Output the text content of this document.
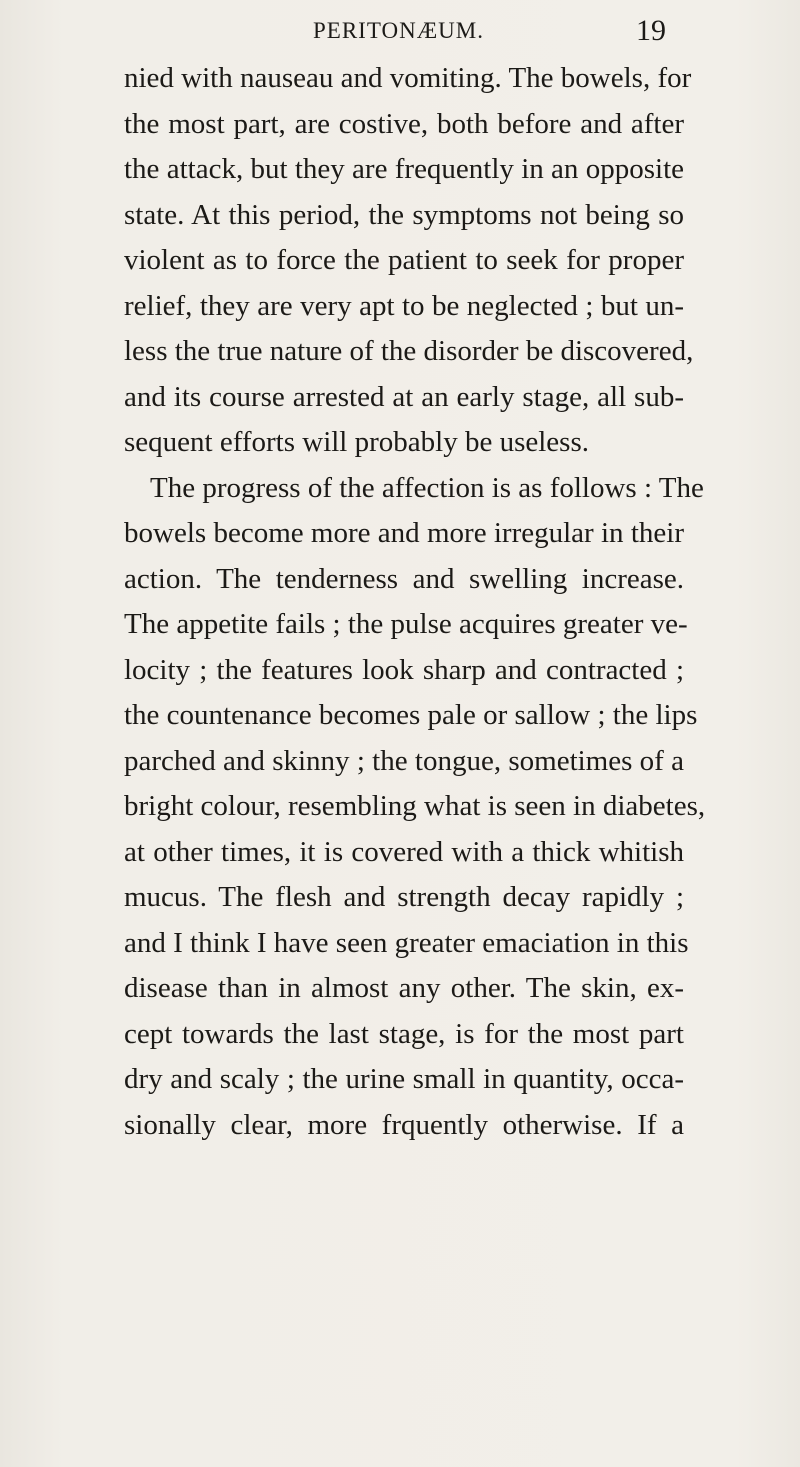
PERITONÆUM.	19
nied with nauseau and vomiting. The bowels, for
the most part, are costive, both before and after
the attack, but they are frequently in an opposite
state. At this period, the symptoms not being so
violent as to force the patient to seek for proper
relief, they are very apt to be neglected ; but un-
less the true nature of the disorder be discovered,
and its course arrested at an early stage, all sub-
sequent efforts will probably be useless.
The progress of the affection is as follows : The
bowels become more and more irregular in their
action. The tenderness and swelling increase.
The appetite fails ; the pulse acquires greater ve-
locity ; the features look sharp and contracted ;
the countenance becomes pale or sallow ; the lips
parched and skinny ; the tongue, sometimes of a
bright colour, resembling what is seen in diabetes,
at other times, it is covered with a thick whitish
mucus. The flesh and strength decay rapidly ;
and I think I have seen greater emaciation in this
disease than in almost any other. The skin, ex-
cept towards the last stage, is for the most part
dry and scaly ; the urine small in quantity, occa-
sionally clear, more frquently otherwise. If a
